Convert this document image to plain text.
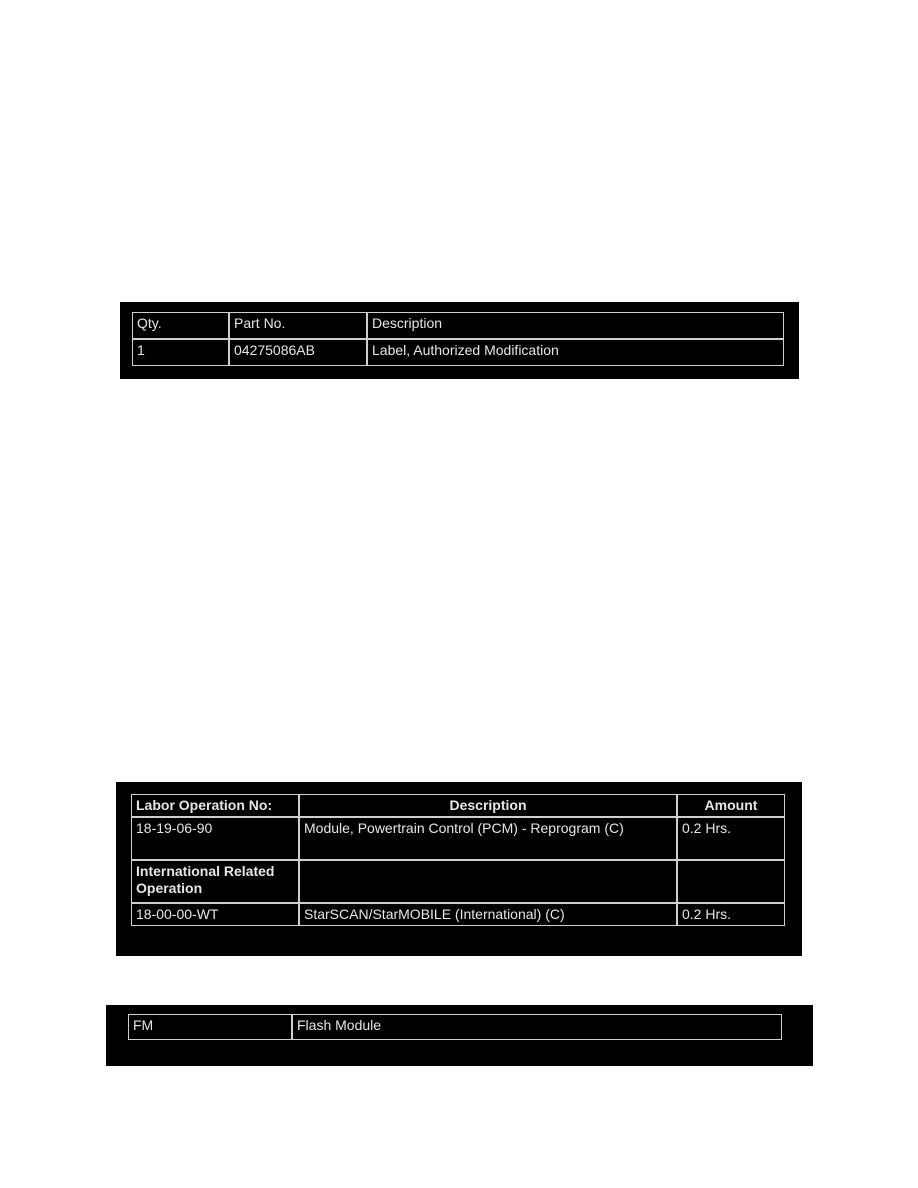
Qty.	Part No.	Description
1	04275086AB	Label, Authorized Modification
Labor Operation No:	Description	Amount
18-19-06-90	Module, Powertrain Control (PCM) - Reprogram (C)	0.2 Hrs.
International Related Operation		
18-00-00-WT	StarSCAN/StarMOBILE (International) (C)	0.2 Hrs.
FM	Flash Module
